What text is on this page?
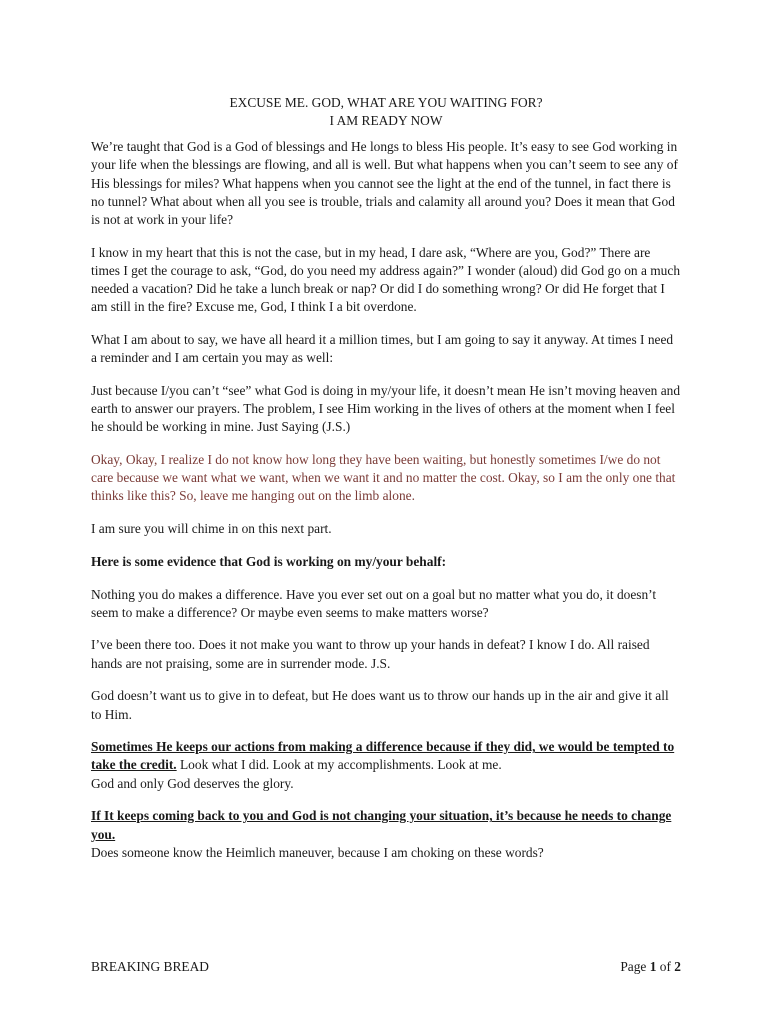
EXCUSE ME. GOD, WHAT ARE YOU WAITING FOR?
I AM READY NOW

We’re taught that God is a God of blessings and He longs to bless His people. It’s easy to see God working in your life when the blessings are flowing, and all is well. But what happens when you can’t seem to see any of His blessings for miles? What happens when you cannot see the light at the end of the tunnel, in fact there is no tunnel? What about when all you see is trouble, trials and calamity all around you? Does it mean that God is not at work in your life?

I know in my heart that this is not the case, but in my head, I dare ask, “Where are you, God?” There are times I get the courage to ask, “God, do you need my address again?” I wonder (aloud) did God go on a much needed a vacation? Did he take a lunch break or nap? Or did I do something wrong? Or did He forget that I am still in the fire? Excuse me, God, I think I a bit overdone.

What I am about to say, we have all heard it a million times, but I am going to say it anyway. At times I need a reminder and I am certain you may as well:

Just because I/you can’t “see” what God is doing in my/your life, it doesn’t mean He isn’t moving heaven and earth to answer our prayers. The problem, I see Him working in the lives of others at the moment when I feel he should be working in mine. Just Saying (J.S.)

Okay, Okay, I realize I do not know how long they have been waiting, but honestly sometimes I/we do not care because we want what we want, when we want it and no matter the cost. Okay, so I am the only one that thinks like this? So, leave me hanging out on the limb alone.

I am sure you will chime in on this next part.

Here is some evidence that God is working on my/your behalf:

Nothing you do makes a difference. Have you ever set out on a goal but no matter what you do, it doesn’t seem to make a difference? Or maybe even seems to make matters worse?

I’ve been there too. Does it not make you want to throw up your hands in defeat? I know I do. All raised hands are not praising, some are in surrender mode. J.S.

God doesn’t want us to give in to defeat, but He does want us to throw our hands up in the air and give it all to Him.

Sometimes He keeps our actions from making a difference because if they did, we would be tempted to take the credit. Look what I did. Look at my accomplishments. Look at me.
God and only God deserves the glory.

If It keeps coming back to you and God is not changing your situation, it’s because he needs to change you.
Does someone know the Heimlich maneuver, because I am choking on these words?

BREAKING BREAD	Page 1 of 2
